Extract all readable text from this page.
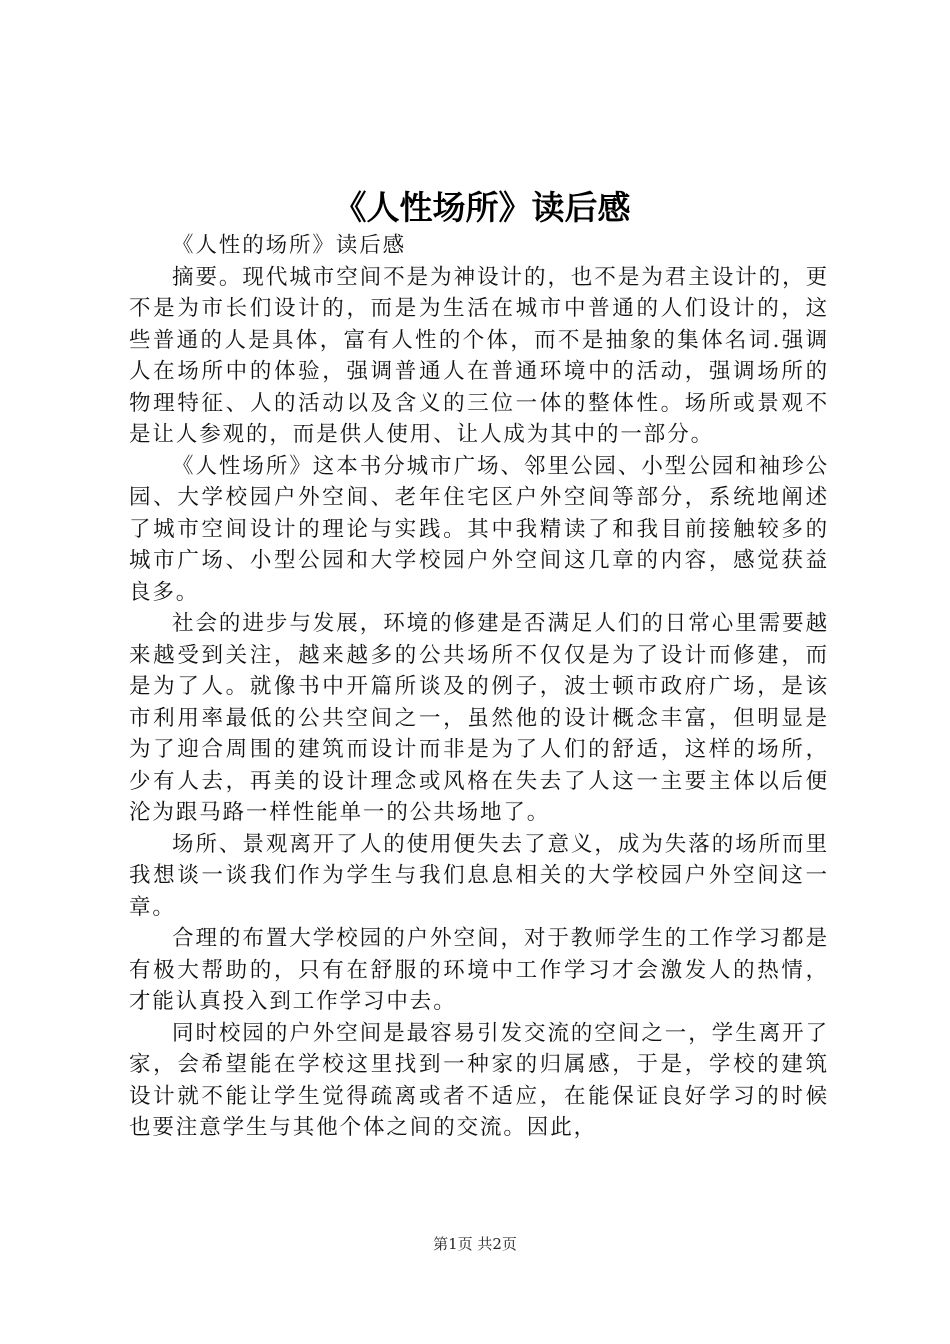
《人性场所》读后感

《人性的场所》读后感

摘要。现代城市空间不是为神设计的，也不是为君主设计的，更不是为市长们设计的，而是为生活在城市中普通的人们设计的，这些普通的人是具体，富有人性的个体，而不是抽象的集体名词.强调人在场所中的体验，强调普通人在普通环境中的活动，强调场所的物理特征、人的活动以及含义的三位一体的整体性。场所或景观不是让人参观的，而是供人使用、让人成为其中的一部分。

《人性场所》这本书分城市广场、邻里公园、小型公园和袖珍公园、大学校园户外空间、老年住宅区户外空间等部分，系统地阐述了城市空间设计的理论与实践。其中我精读了和我目前接触较多的城市广场、小型公园和大学校园户外空间这几章的内容，感觉获益良多。

社会的进步与发展，环境的修建是否满足人们的日常心里需要越来越受到关注，越来越多的公共场所不仅仅是为了设计而修建，而是为了人。就像书中开篇所谈及的例子，波士顿市政府广场，是该市利用率最低的公共空间之一，虽然他的设计概念丰富，但明显是为了迎合周围的建筑而设计而非是为了人们的舒适，这样的场所，少有人去，再美的设计理念或风格在失去了人这一主要主体以后便沦为跟马路一样性能单一的公共场地了。

场所、景观离开了人的使用便失去了意义，成为失落的场所而里我想谈一谈我们作为学生与我们息息相关的大学校园户外空间这一章。

合理的布置大学校园的户外空间，对于教师学生的工作学习都是有极大帮助的，只有在舒服的环境中工作学习才会激发人的热情，才能认真投入到工作学习中去。

同时校园的户外空间是最容易引发交流的空间之一，学生离开了家，会希望能在学校这里找到一种家的归属感，于是，学校的建筑设计就不能让学生觉得疏离或者不适应，在能保证良好学习的时候也要注意学生与其他个体之间的交流。因此，

第1页 共2页
